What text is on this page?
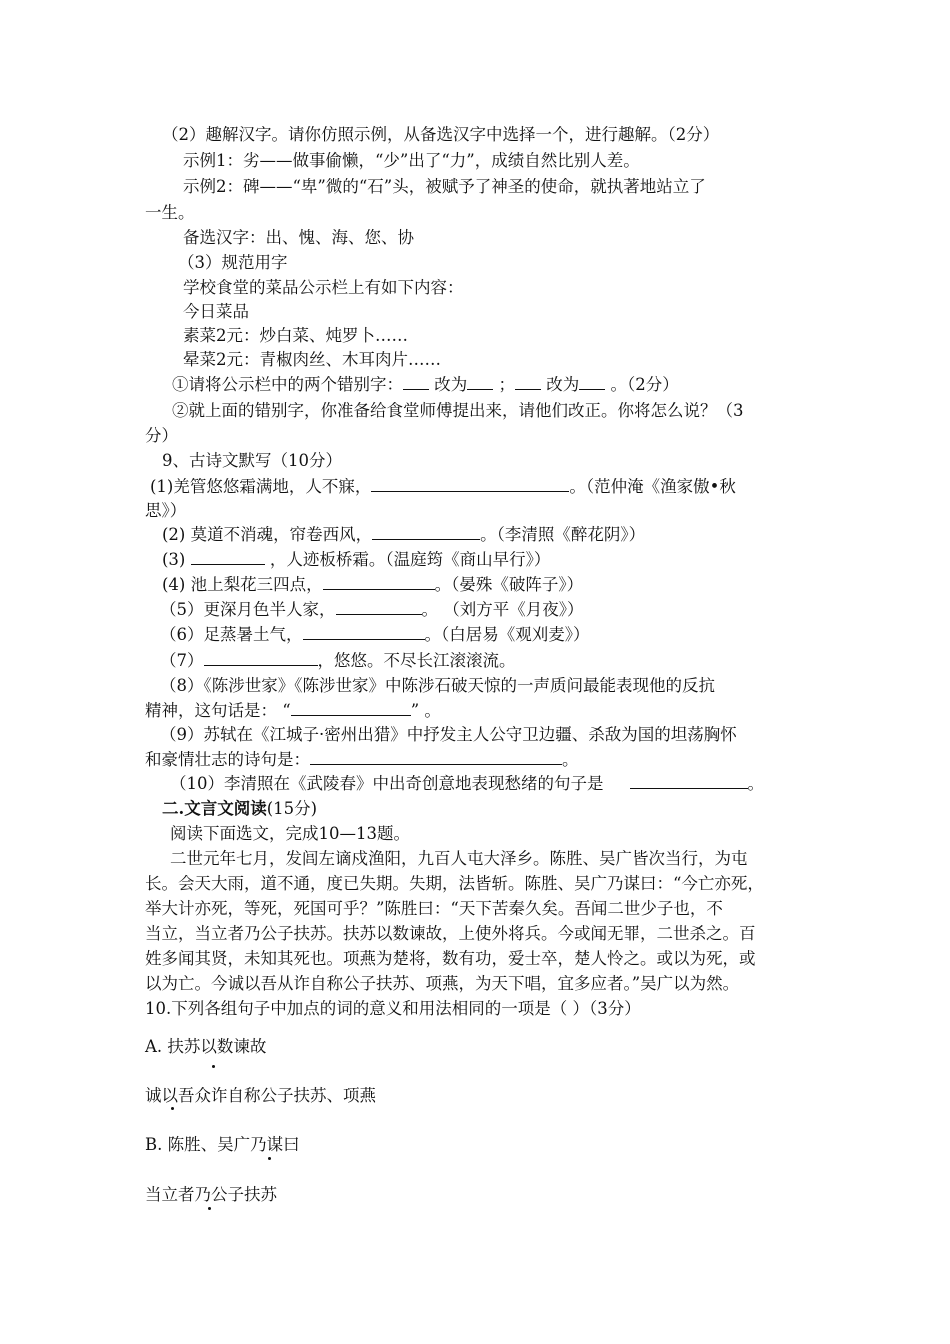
（2）趣解汉字。请你仿照示例，从备选汉字中选择一个，进行趣解。（2分）
示例1：劣——做事偷懒，“少”出了“力”，成绩自然比别人差。
示例2：碑——“卑”微的“石”头，被赋予了神圣的使命，就执著地站立了
一生。
备选汉字：出、愧、海、您、协
（3）规范用字
学校食堂的菜品公示栏上有如下内容：
今日菜品
素菜2元：炒白菜、炖罗卜……
晕菜2元：青椒肉丝、木耳肉片……
①请将公示栏中的两个错别字： 改为 ； 改为 。（2分）
②就上面的错别字，你准备给食堂师傅提出来，请他们改正。你将怎么说？（3
分）
9、古诗文默写（10分）
(1)羌管悠悠霜满地，人不寐，	。（范仲淹《渔家傲•秋
思》）
(2) 莫道不消魂，帘卷西风，	。（李清照《醉花阴》）
(3)	，人迹板桥霜。（温庭筠《商山早行》）
(4) 池上梨花三四点，	。（晏殊《破阵子》）
（5）更深月色半人家，	。 （刘方平《月夜》）
（6）足蒸暑土气，	。（白居易《观刈麦》）
（7）	，悠悠。不尽长江滚滚流。
（8）《陈涉世家》《陈涉世家》中陈涉石破天惊的一声质问最能表现他的反抗
精神，这句话是： “	” 。
（9）苏轼在《江城子·密州出猎》中抒发主人公守卫边疆、杀敌为国的坦荡胸怀
和豪情壮志的诗句是：	。
（10）李清照在《武陵春》中出奇创意地表现愁绪的句子是	。
二.文言文阅读(15分)
阅读下面选文，完成10—13题。
二世元年七月，发闾左谪戍渔阳，九百人屯大泽乡。陈胜、吴广皆次当行，为屯
长。会天大雨，道不通，度已失期。失期，法皆斩。陈胜、吴广乃谋曰：“今亡亦死，
举大计亦死，等死，死国可乎？”陈胜曰：“天下苦秦久矣。吾闻二世少子也，不
当立，当立者乃公子扶苏。扶苏以数谏故，上使外将兵。今或闻无罪，二世杀之。百
姓多闻其贤，未知其死也。项燕为楚将，数有功，爱士卒，楚人怜之。或以为死，或
以为亡。今诚以吾从诈自称公子扶苏、项燕，为天下唱，宜多应者。”吴广以为然。
10.下列各组句子中加点的词的意义和用法相同的一项是（ ）（3分）
A. 扶苏以数谏故
诚以吾众诈自称公子扶苏、项燕
B. 陈胜、吴广乃谋曰
当立者乃公子扶苏
